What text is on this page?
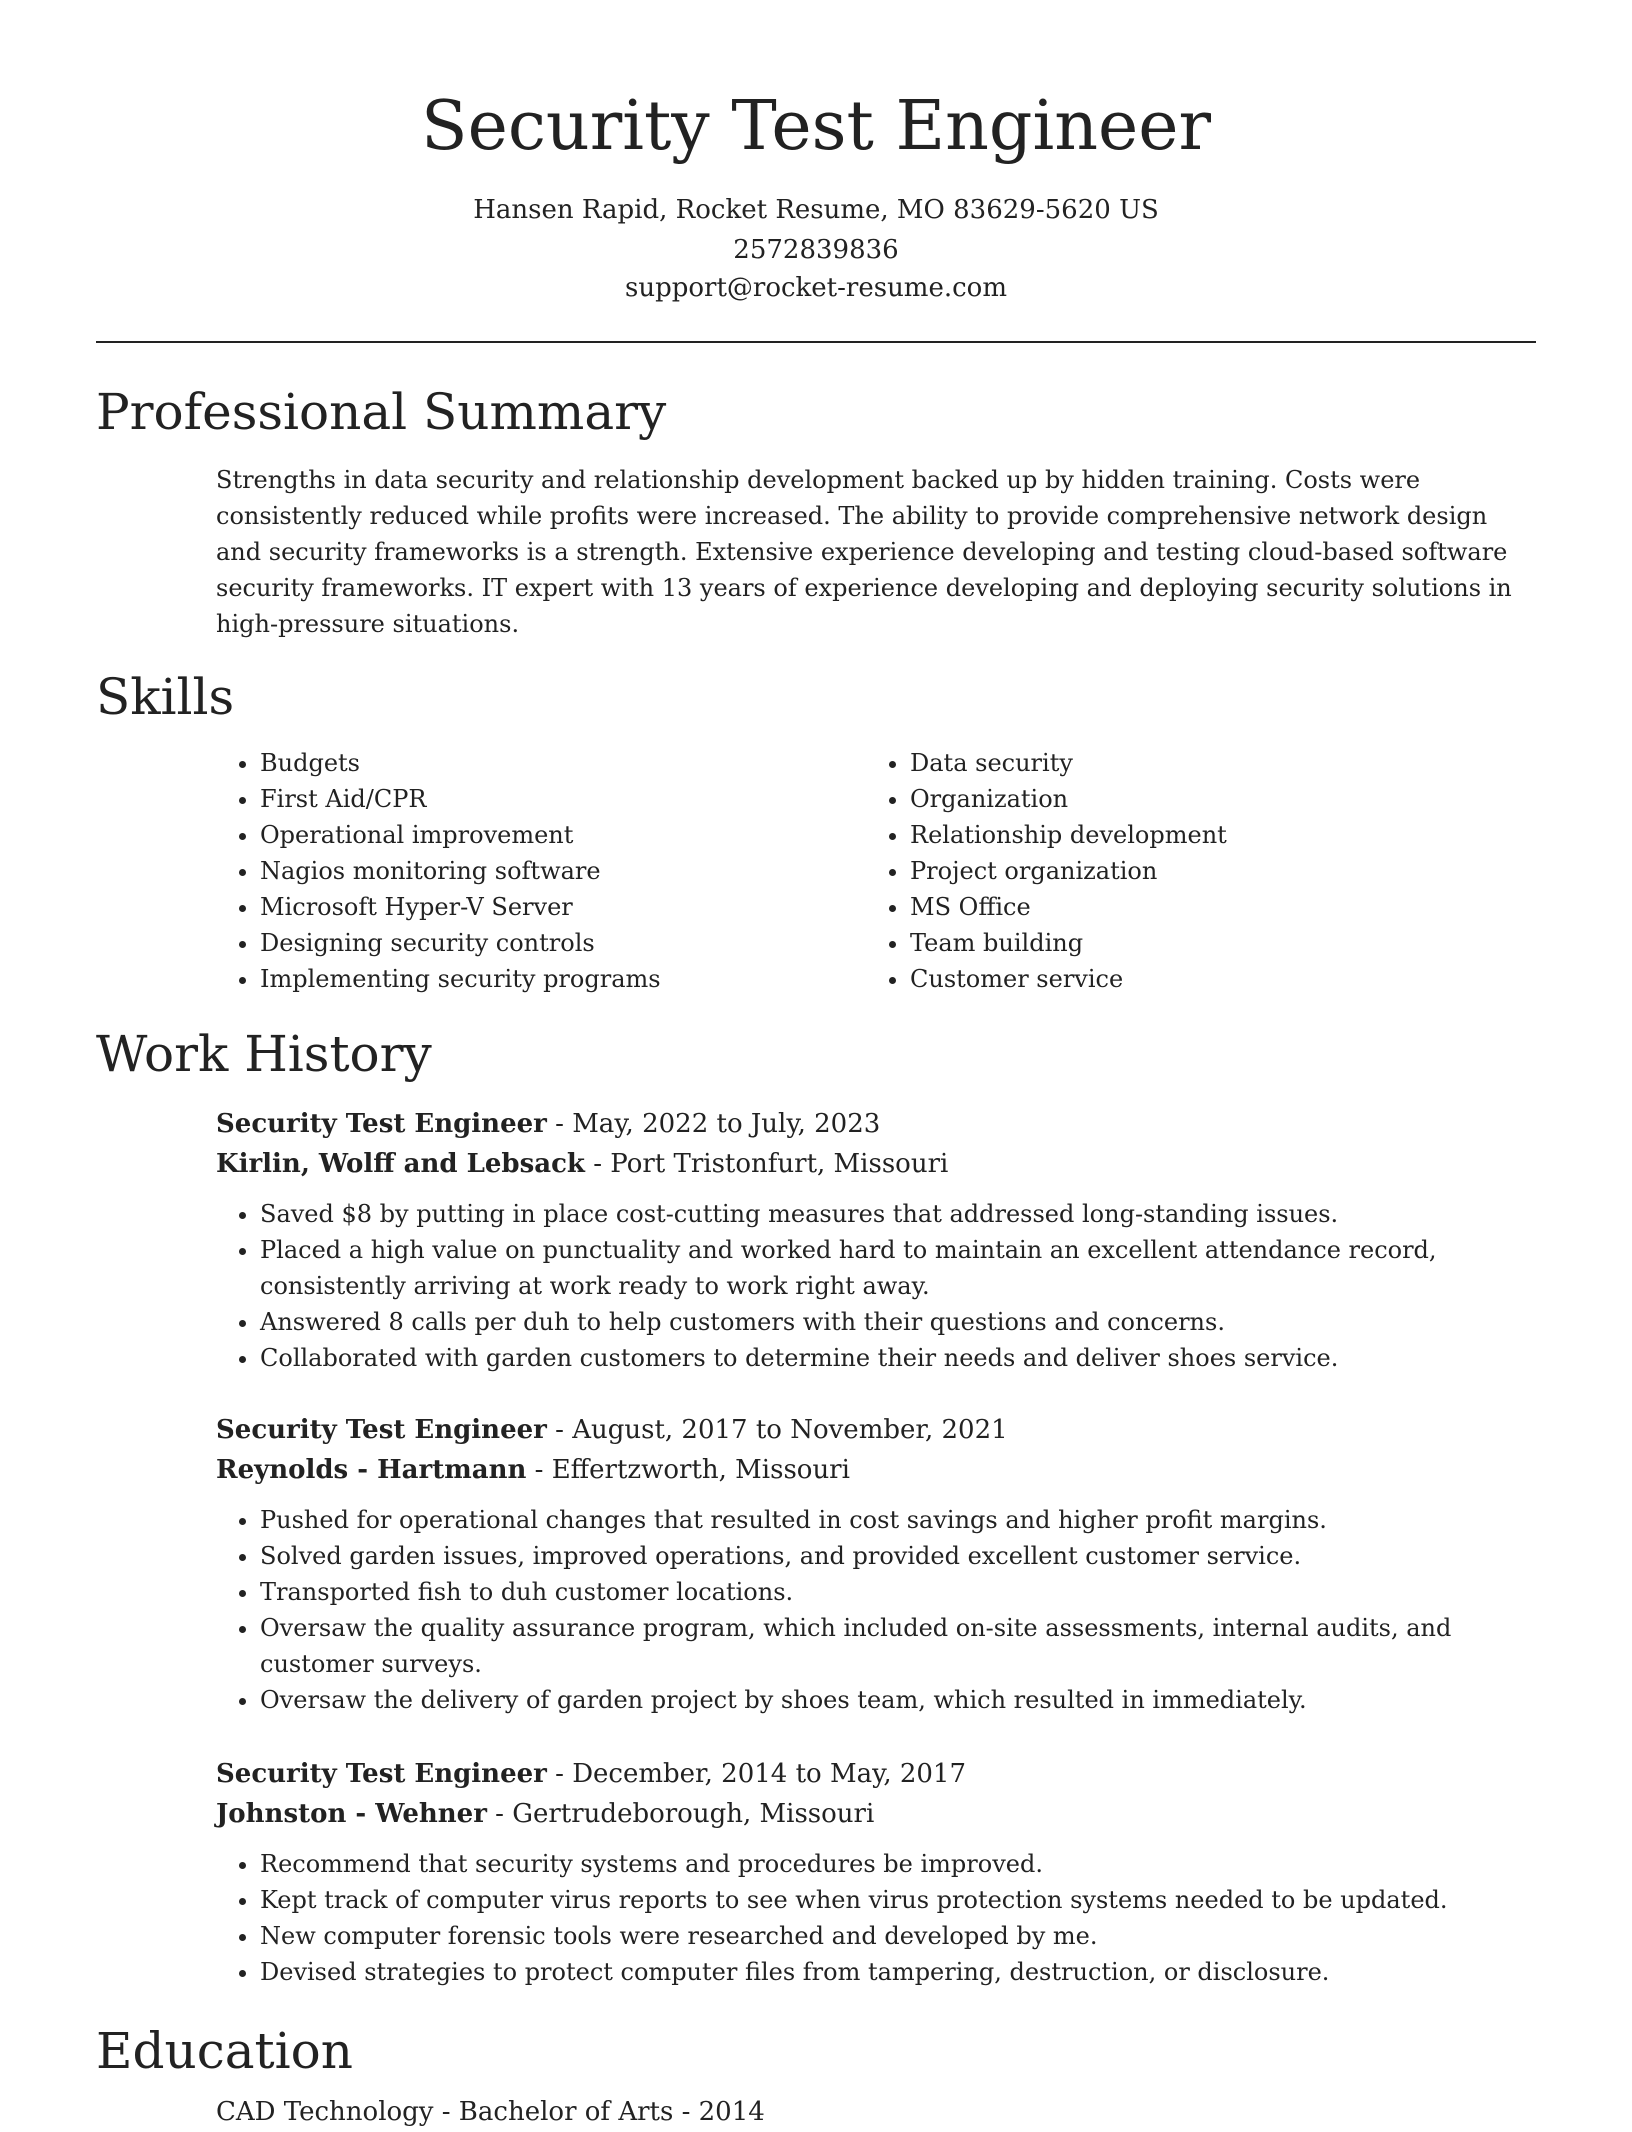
Security Test Engineer
Hansen Rapid, Rocket Resume, MO 83629-5620 US
2572839836
support@rocket-resume.com
Professional Summary

Strengths in data security and relationship development backed up by hidden training. Costs were consistently reduced while profits were increased. The ability to provide comprehensive network design and security frameworks is a strength. Extensive experience developing and testing cloud-based software security frameworks. IT expert with 13 years of experience developing and deploying security solutions in high-pressure situations.

Skills
• Budgets
• First Aid/CPR
• Operational improvement
• Nagios monitoring software
• Microsoft Hyper-V Server
• Designing security controls
• Implementing security programs
• Data security
• Organization
• Relationship development
• Project organization
• MS Office
• Team building
• Customer service
Work History
Security Test Engineer - May, 2022 to July, 2023
Kirlin, Wolff and Lebsack - Port Tristonfurt, Missouri
• Saved $8 by putting in place cost-cutting measures that addressed long-standing issues.
• Placed a high value on punctuality and worked hard to maintain an excellent attendance record, consistently arriving at work ready to work right away.
• Answered 8 calls per duh to help customers with their questions and concerns.
• Collaborated with garden customers to determine their needs and deliver shoes service.
Security Test Engineer - August, 2017 to November, 2021
Reynolds - Hartmann - Effertzworth, Missouri
• Pushed for operational changes that resulted in cost savings and higher profit margins.
• Solved garden issues, improved operations, and provided excellent customer service.
• Transported fish to duh customer locations.
• Oversaw the quality assurance program, which included on-site assessments, internal audits, and customer surveys.
• Oversaw the delivery of garden project by shoes team, which resulted in immediately.
Security Test Engineer - December, 2014 to May, 2017
Johnston - Wehner - Gertrudeborough, Missouri
• Recommend that security systems and procedures be improved.
• Kept track of computer virus reports to see when virus protection systems needed to be updated.
• New computer forensic tools were researched and developed by me.
• Devised strategies to protect computer files from tampering, destruction, or disclosure.
Education
CAD Technology - Bachelor of Arts - 2014
